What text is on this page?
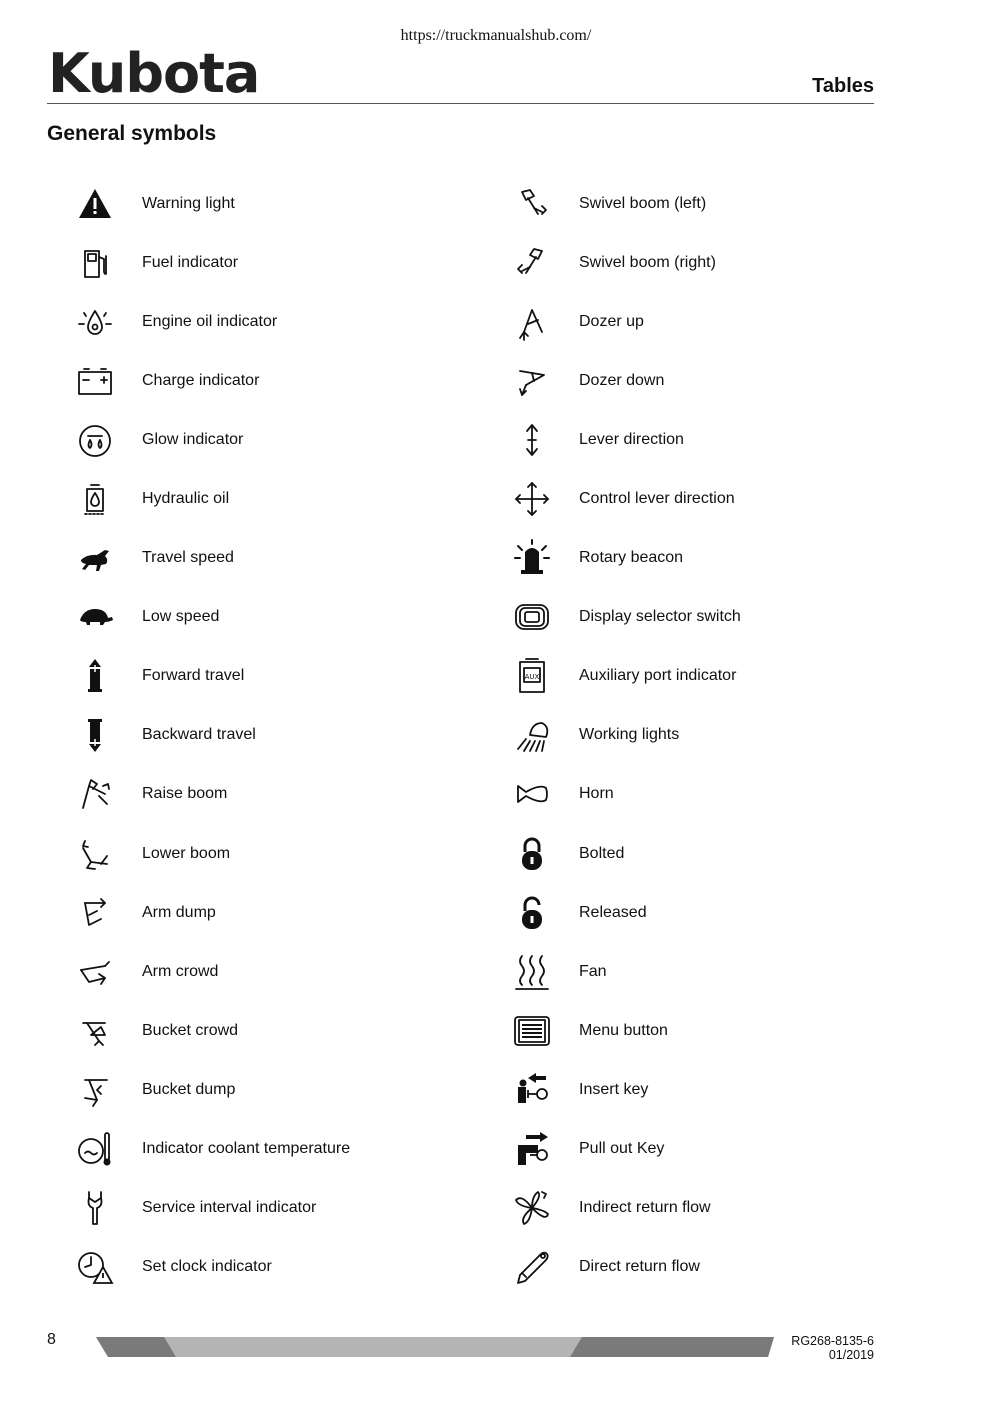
https://truckmanualshub.com/
Kubota	Tables
General symbols
Warning light
Fuel indicator
Engine oil indicator
Charge indicator
Glow indicator
Hydraulic oil
Travel speed
Low speed
Forward travel
Backward travel
Raise boom
Lower boom
Arm dump
Arm crowd
Bucket crowd
Bucket dump
Indicator coolant temperature
Service interval indicator
Set clock indicator
Swivel boom (left)
Swivel boom (right)
Dozer up
Dozer down
Lever direction
Control lever direction
Rotary beacon
Display selector switch
AUX Auxiliary port indicator
Working lights
Horn
Bolted
Released
Fan
Menu button
Insert key
Pull out Key
Indirect return flow
Direct return flow
8	RG268-8135-6
01/2019
